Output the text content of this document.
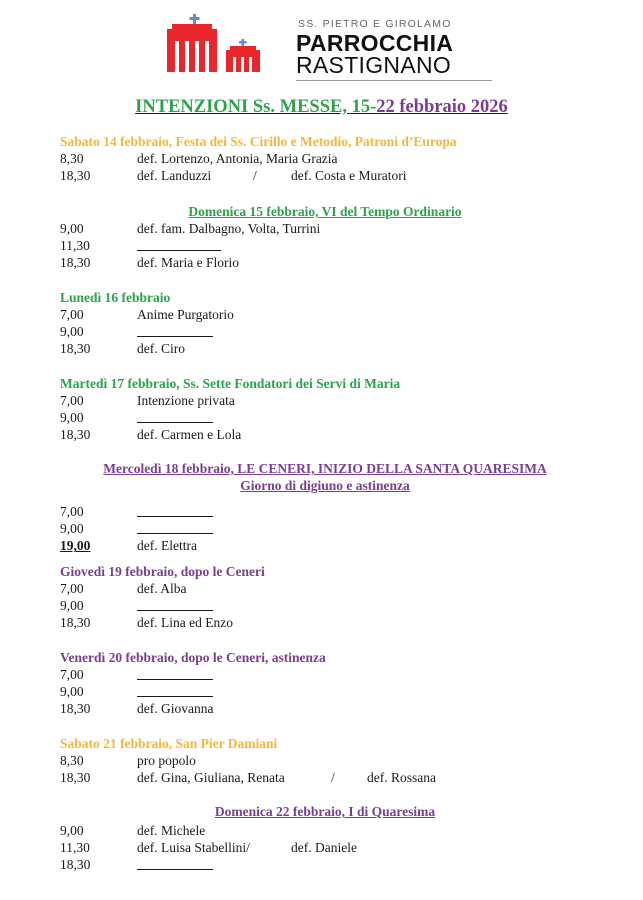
SS. PIETRO E GIROLAMO
PARROCCHIA
RASTIGNANO
INTENZIONI Ss. MESSE, 15-22 febbraio 2026
Sabato 14 febbraio, Festa dei Ss. Cirillo e Metodio, Patroni d’Europa
8,30	def. Lortenzo, Antonia, Maria Grazia
18,30	def. Landuzzi	/	def. Costa e Muratori
Domenica 15 febbraio, VI del Tempo Ordinario
9,00	def. fam. Dalbagno, Volta, Turrini
11,30
18,30	def. Maria e Florio
Lunedì 16 febbraio
7,00	Anime Purgatorio
9,00
18,30	def. Ciro
Martedì 17 febbraio, Ss. Sette Fondatori dei Servi di Maria
7,00	Intenzione privata
9,00
18,30	def. Carmen e Lola
Mercoledì 18 febbraio, LE CENERI, INIZIO DELLA SANTA QUARESIMA
Giorno di digiuno e astinenza
7,00
9,00
19,00	def. Elettra
Giovedì 19 febbraio, dopo le Ceneri
7,00	def. Alba
9,00
18,30	def. Lina ed Enzo
Venerdì 20 febbraio, dopo le Ceneri, astinenza
7,00
9,00
18,30	def. Giovanna
Sabato 21 febbraio, San Pier Damiani
8,30	pro popolo
18,30	def. Gina, Giuliana, Renata	/ def. Rossana
Domenica 22 febbraio, I di Quaresima
9,00	def. Michele
11,30	def. Luisa Stabellini/	def. Daniele
18,30
